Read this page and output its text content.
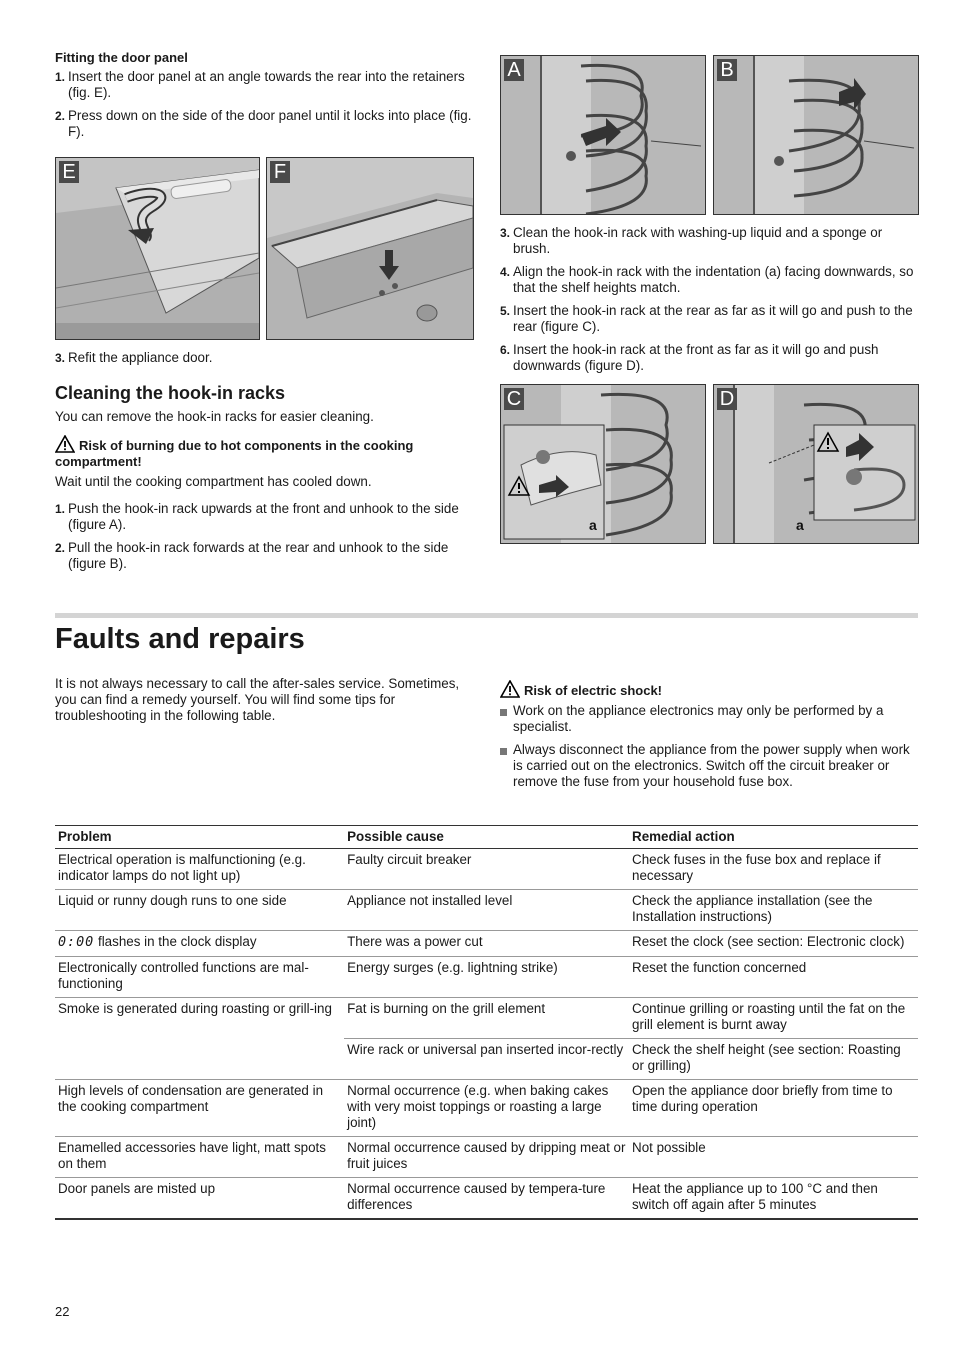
Fitting the door panel
1. Insert the door panel at an angle towards the rear into the retainers (fig. E).
2. Press down on the side of the door panel until it locks into place (fig. F).
E	F
3. Refit the appliance door.
Cleaning the hook-in racks

You can remove the hook-in racks for easier cleaning.

Risk of burning due to hot components in the cooking compartment!

Wait until the cooking compartment has cooled down.

1. Push the hook-in rack upwards at the front and unhook to the side (figure A).
2. Pull the hook-in rack forwards at the rear and unhook to the side (figure B).
A	B
3. Clean the hook-in rack with washing-up liquid and a sponge or brush.
4. Align the hook-in rack with the indentation (a) facing downwards, so that the shelf heights match.
5. Insert the hook-in rack at the rear as far as it will go and push to the rear (figure C).
6. Insert the hook-in rack at the front as far as it will go and push downwards (figure D).
a
C
a
D
Faults and repairs

It is not always necessary to call the after-sales service. Sometimes, you can find a remedy yourself. You will find some tips for troubleshooting in the following table.

Risk of electric shock!
Work on the appliance electronics may only be performed by a specialist.
Always disconnect the appliance from the power supply when work is carried out on the electronics. Switch off the circuit breaker or remove the fuse from your household fuse box.
Problem	Possible cause	Remedial action
Electrical operation is malfunctioning (e.g. indicator lamps do not light up)	Faulty circuit breaker	Check fuses in the fuse box and replace if necessary
Liquid or runny dough runs to one side	Appliance not installed level	Check the appliance installation (see the Installation instructions)
0:00 flashes in the clock display	There was a power cut	Reset the clock (see section: Electronic clock)
Electronically controlled functions are mal-functioning	Energy surges (e.g. lightning strike)	Reset the function concerned
Smoke is generated during roasting or grill-ing	Fat is burning on the grill element	Continue grilling or roasting until the fat on the grill element is burnt away
	Wire rack or universal pan inserted incor-rectly	Check the shelf height (see section: Roasting or grilling)
High levels of condensation are generated in the cooking compartment	Normal occurrence (e.g. when baking cakes with very moist toppings or roasting a large joint)	Open the appliance door briefly from time to time during operation
Enamelled accessories have light, matt spots on them	Normal occurrence caused by dripping meat or fruit juices	Not possible
Door panels are misted up	Normal occurrence caused by tempera-ture differences	Heat the appliance up to 100 °C and then switch off again after 5 minutes
22
